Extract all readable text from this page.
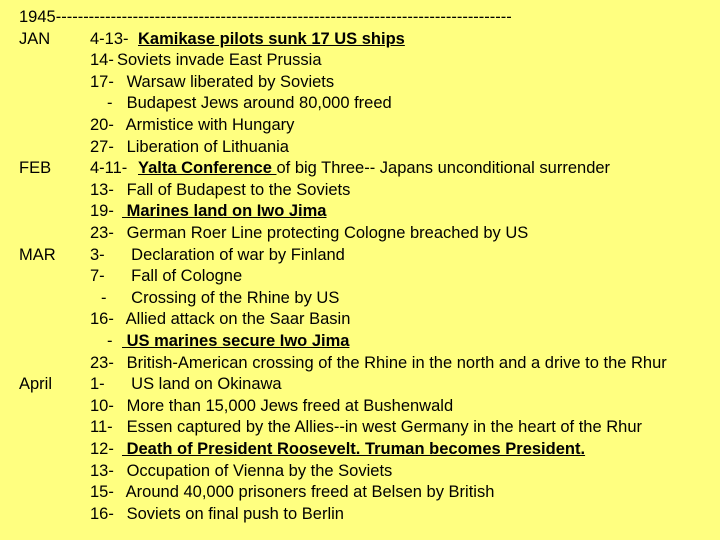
1945-----------------------------------------------------------------------------------
JAN 4-13- Kamikase pilots sunk 17 US ships
14- Soviets invade East Prussia
17- Warsaw liberated by Soviets
- Budapest Jews around 80,000 freed
20- Armistice with Hungary
27- Liberation of Lithuania
FEB 4-11- Yalta Conference of big Three-- Japans unconditional surrender
13- Fall of Budapest to the Soviets
19- Marines land on Iwo Jima
23- German Roer Line protecting Cologne breached by US
MAR 3- Declaration of war by Finland
7- Fall of Cologne
- Crossing of the Rhine by US
16- Allied attack on the Saar Basin
- US marines secure Iwo Jima
23- British-American crossing of the Rhine in the north and a drive to the Rhur
April 1- US land on Okinawa
10- More than 15,000 Jews freed at Bushenwald
11- Essen captured by the Allies--in west Germany in the heart of the Rhur
12- Death of President Roosevelt. Truman becomes President.
13- Occupation of Vienna by the Soviets
15- Around 40,000 prisoners freed at Belsen by British
16- Soviets on final push to Berlin
